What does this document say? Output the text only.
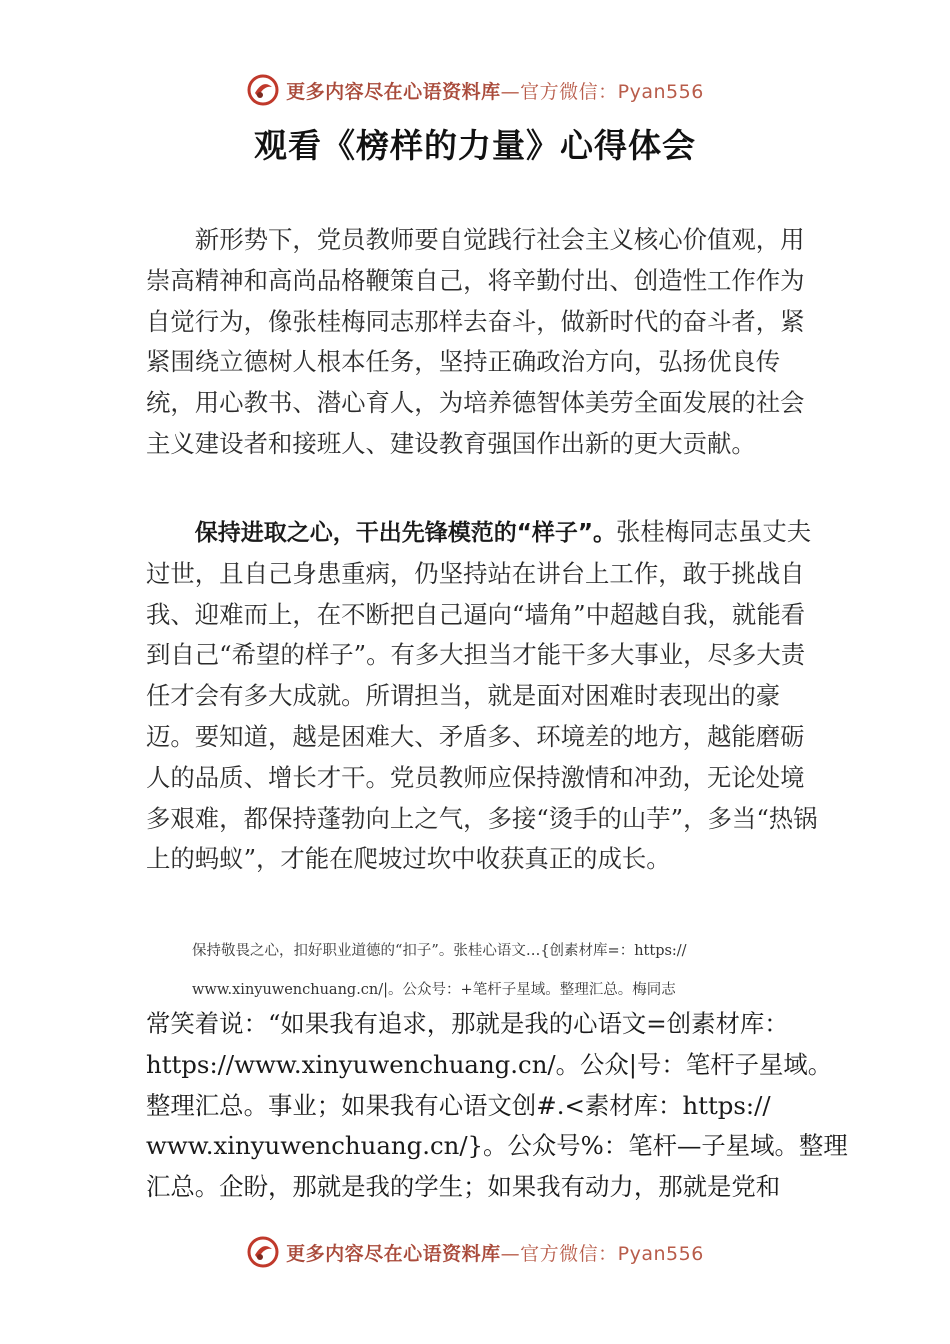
更多内容尽在心语资料库—官方微信：Pyan556
观看《榜样的力量》心得体会

新形势下，党员教师要自觉践行社会主义核心价值观，用崇高精神和高尚品格鞭策自己，将辛勤付出、创造性工作作为自觉行为，像张桂梅同志那样去奋斗，做新时代的奋斗者，紧紧围绕立德树人根本任务，坚持正确政治方向，弘扬优良传统，用心教书、潜心育人，为培养德智体美劳全面发展的社会主义建设者和接班人、建设教育强国作出新的更大贡献。

保持进取之心，干出先锋模范的“样子”。张桂梅同志虽丈夫过世，且自己身患重病，仍坚持站在讲台上工作，敢于挑战自我、迎难而上，在不断把自己逼向“墙角”中超越自我，就能看到自己“希望的样子”。有多大担当才能干多大事业，尽多大责任才会有多大成就。所谓担当，就是面对困难时表现出的豪迈。要知道，越是困难大、矛盾多、环境差的地方，越能磨砺人的品质、增长才干。党员教师应保持激情和冲劲，无论处境多艰难，都保持蓬勃向上之气，多接“烫手的山芋”，多当“热锅上的蚂蚁”，才能在爬坡过坎中收获真正的成长。

保持敬畏之心，扣好职业道德的“扣子”。张桂心语文…{创素材库=：https://

www.xinyuwenchuang.cn/|。公众号：+笔杆子星域。整理汇总。梅同志

常笑着说：“如果我有追求，那就是我的心语文=创素材库：
https://www.xinyuwenchuang.cn/。公众|号：笔杆子星域。
整理汇总。事业；如果我有心语文创#.<素材库：https://
www.xinyuwenchuang.cn/}。公众号%：笔杆—子星域。整理
汇总。企盼，那就是我的学生；如果我有动力，那就是党和
更多内容尽在心语资料库—官方微信：Pyan556
